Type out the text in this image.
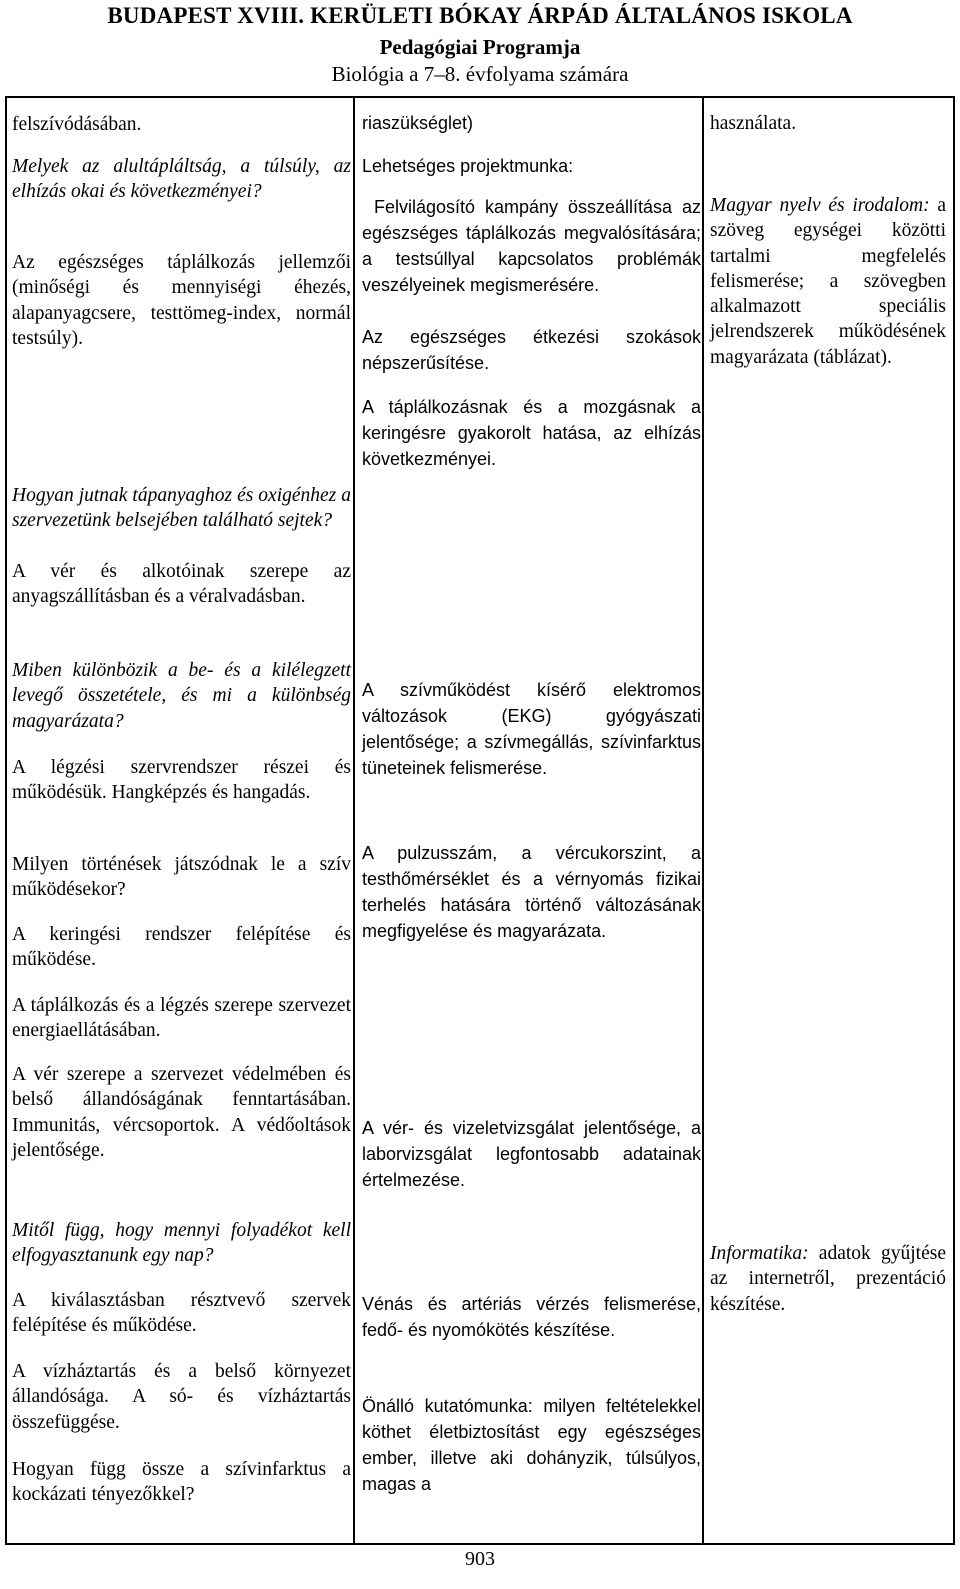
BUDAPEST XVIII. KERÜLETI BÓKAY ÁRPÁD ÁLTALÁNOS ISKOLA
Pedagógiai Programja
Biológia a 7–8. évfolyama számára

felszívódásában.

Melyek az alultápláltság, a túlsúly, az elhízás okai és következményei?

Az egészséges táplálkozás jellemzői (minőségi és mennyiségi éhezés, alapanyagcsere, testtömeg-index, normál testsúly).

Hogyan jutnak tápanyaghoz és oxigénhez a szervezetünk belsejében található sejtek?

A vér és alkotóinak szerepe az anyagszállításban és a véralvadásban.

Miben különbözik a be- és a kilélegzett levegő összetétele, és mi a különbség magyarázata?

A légzési szervrendszer részei és működésük. Hangképzés és hangadás.

Milyen történések játszódnak le a szív működésekor?

A keringési rendszer felépítése és működése.

A táplálkozás és a légzés szerepe szervezet energiaellátásában.

A vér szerepe a szervezet védelmében és belső állandóságának fenntartásában. Immunitás, vércsoportok. A védőoltások jelentősége.

Mitől függ, hogy mennyi folyadékot kell elfogyasztanunk egy nap?

A kiválasztásban résztvevő szervek felépítése és működése.

A vízháztartás és a belső környezet állandósága. A só- és vízháztartás összefüggése.

Hogyan függ össze a szívinfarktus a kockázati tényezőkkel?

riaszükséglet)

Lehetséges projektmunka:

Felvilágosító kampány összeállítása az egészséges táplálkozás megvalósítására; a testsúllyal kapcsolatos problémák veszélyeinek megismerésére.

Az egészséges étkezési szokások népszerűsítése.

A táplálkozásnak és a mozgásnak a keringésre gyakorolt hatása, az elhízás következményei.

A szívműködést kísérő elektromos változások (EKG) gyógyászati jelentősége; a szívmegállás, szívinfarktus tüneteinek felismerése.

A pulzusszám, a vércukorszint, a testhőmérséklet és a vérnyomás fizikai terhelés hatására történő változásának megfigyelése és magyarázata.

A vér- és vizeletvizsgálat jelentősége, a laborvizsgálat legfontosabb adatainak értelmezése.

Vénás és artériás vérzés felismerése, fedő- és nyomókötés készítése.

Önálló kutatómunka: milyen feltételekkel köthet életbiztosítást egy egészséges ember, illetve aki dohányzik, túlsúlyos, magas a

használata.

Magyar nyelv és irodalom: a szöveg egységei közötti tartalmi megfelelés felismerése; a szövegben alkalmazott speciális jelrendszerek működésének magyarázata (táblázat).

Informatika: adatok gyűjtése az internetről, prezentáció készítése.

903
